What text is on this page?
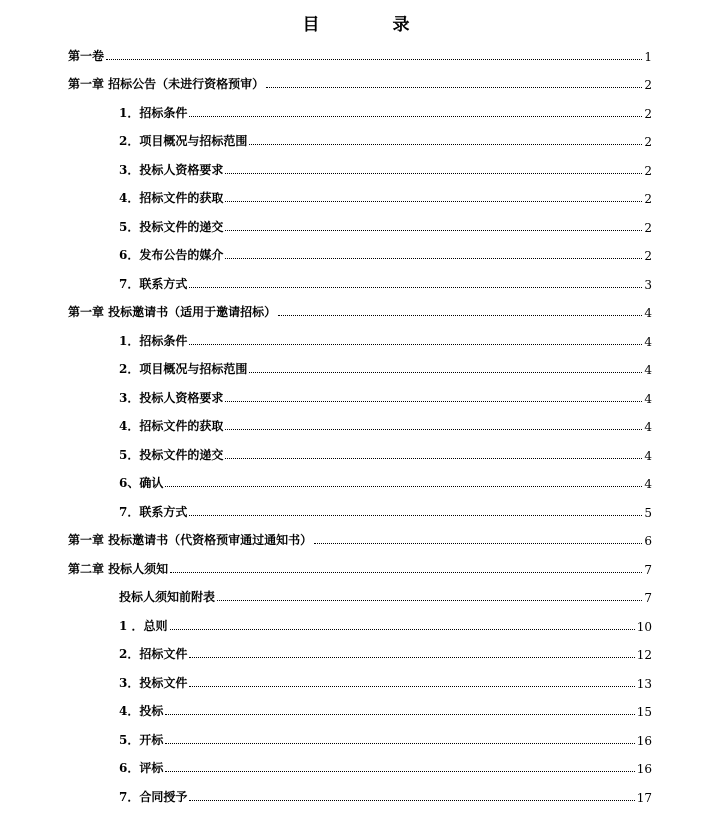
目　录
第一卷	1
第一章 招标公告（未进行资格预审）	2
1．招标条件	2
2．项目概况与招标范围	2
3．投标人资格要求	2
4．招标文件的获取	2
5．投标文件的递交	2
6．发布公告的媒介	2
7．联系方式	3
第一章 投标邀请书（适用于邀请招标）	4
1．招标条件	4
2．项目概况与招标范围	4
3．投标人资格要求	4
4．招标文件的获取	4
5．投标文件的递交	4
6、确认	4
7．联系方式	5
第一章 投标邀请书（代资格预审通过通知书）	6
第二章 投标人须知	7
投标人须知前附表	7
1 ．总则	10
2．招标文件	12
3．投标文件	13
4．投标	15
5．开标	16
6．评标	16
7．合同授予	17
